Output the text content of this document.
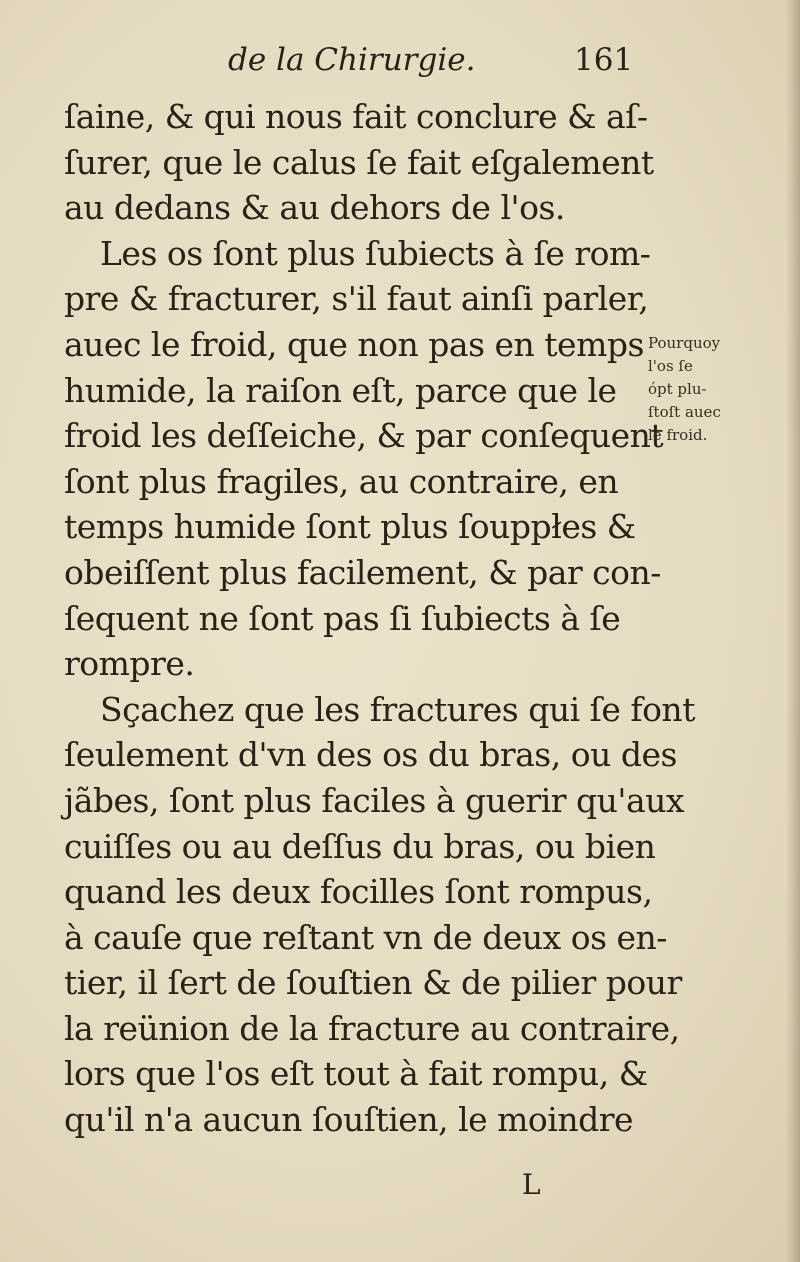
de la Chirurgie.	161
ſaine, & qui nous fait conclure & aſ-
ſurer, que le calus ſe fait eſgalement
au dedans & au dehors de l'os.
Les os ſont plus ſubiects à ſe rom-
pre & fracturer, s'il faut ainſi parler,
auec le froid, que non pas en temps
humide, la raiſon eſt, parce que le
froid les deſſeiche, & par conſequent
ſont plus fragiles, au contraire, en
temps humide ſont plus ſouppłes &
obeiſſent plus facilement, & par con-
ſequent ne ſont pas ſi ſubiects à ſe
rompre.
Sçachez que les fractures qui ſe font
ſeulement d'vn des os du bras, ou des
jãbes, ſont plus faciles à guerir qu'aux
cuiſſes ou au deſſus du bras, ou bien
quand les deux focilles ſont rompus,
à cauſe que reſtant vn de deux os en-
tier, il ſert de ſouſtien & de pilier pour
la reünion de la fracture au contraire,
lors que l'os eſt tout à fait rompu, &
qu'il n'a aucun ſouſtien, le moindre
Pourquoy
l'os ſe
ópt plu-
ſtoſt auec
le froid.
L
